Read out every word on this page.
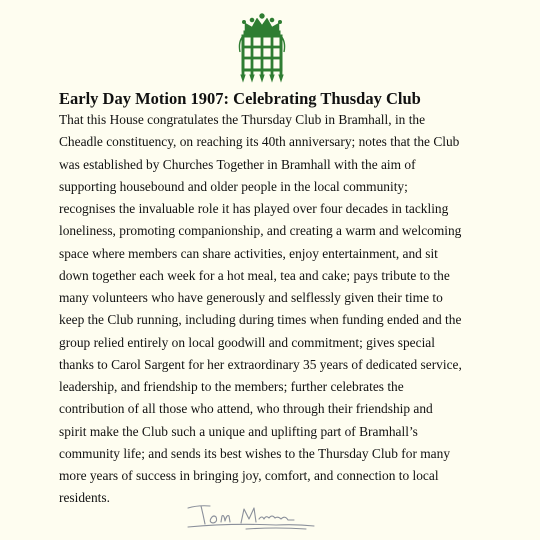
Early Day Motion 1907: Celebrating Thusday Club

That this House congratulates the Thursday Club in Bramhall, in the
Cheadle constituency, on reaching its 40th anniversary; notes that the Club
was established by Churches Together in Bramhall with the aim of
supporting housebound and older people in the local community;
recognises the invaluable role it has played over four decades in tackling
loneliness, promoting companionship, and creating a warm and welcoming
space where members can share activities, enjoy entertainment, and sit
down together each week for a hot meal, tea and cake; pays tribute to the
many volunteers who have generously and selflessly given their time to
keep the Club running, including during times when funding ended and the
group relied entirely on local goodwill and commitment; gives special
thanks to Carol Sargent for her extraordinary 35 years of dedicated service,
leadership, and friendship to the members; further celebrates the
contribution of all those who attend, who through their friendship and
spirit make the Club such a unique and uplifting part of Bramhall’s
community life; and sends its best wishes to the Thursday Club for many
more years of success in bringing joy, comfort, and connection to local
residents.
